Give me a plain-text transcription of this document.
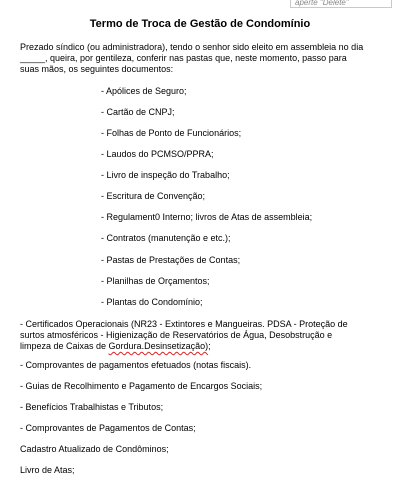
aperte "Delete"
Termo de Troca de Gestão de Condomínio
Prezado síndico (ou administradora), tendo o senhor sido eleito em assembleia no dia _____, queira, por gentileza, conferir nas pastas que, neste momento, passo para suas mãos, os seguintes documentos:
- Apólices de Seguro;
- Cartão de CNPJ;
- Folhas de Ponto de Funcionários;
- Laudos do PCMSO/PPRA;
- Livro de inspeção do Trabalho;
- Escritura de Convenção;
- Regulament0 Interno; livros de Atas de assembleia;
- Contratos (manutenção e etc.);
- Pastas de Prestações de Contas;
- Planilhas de Orçamentos;
- Plantas do Condomínio;
- Certificados Operacionais (NR23 - Extintores e Mangueiras. PDSA - Proteção de surtos atmosféricos - Higienização de Reservatórios de Água, Desobstrução e limpeza de Caixas de Gordura.Desinsetização);
- Comprovantes de pagamentos efetuados (notas fiscais).
- Guias de Recolhimento e Pagamento de Encargos Sociais;
- Benefícios Trabalhistas e Tributos;
- Comprovantes de Pagamentos de Contas;
Cadastro Atualizado de Condôminos;
Livro de Atas;
